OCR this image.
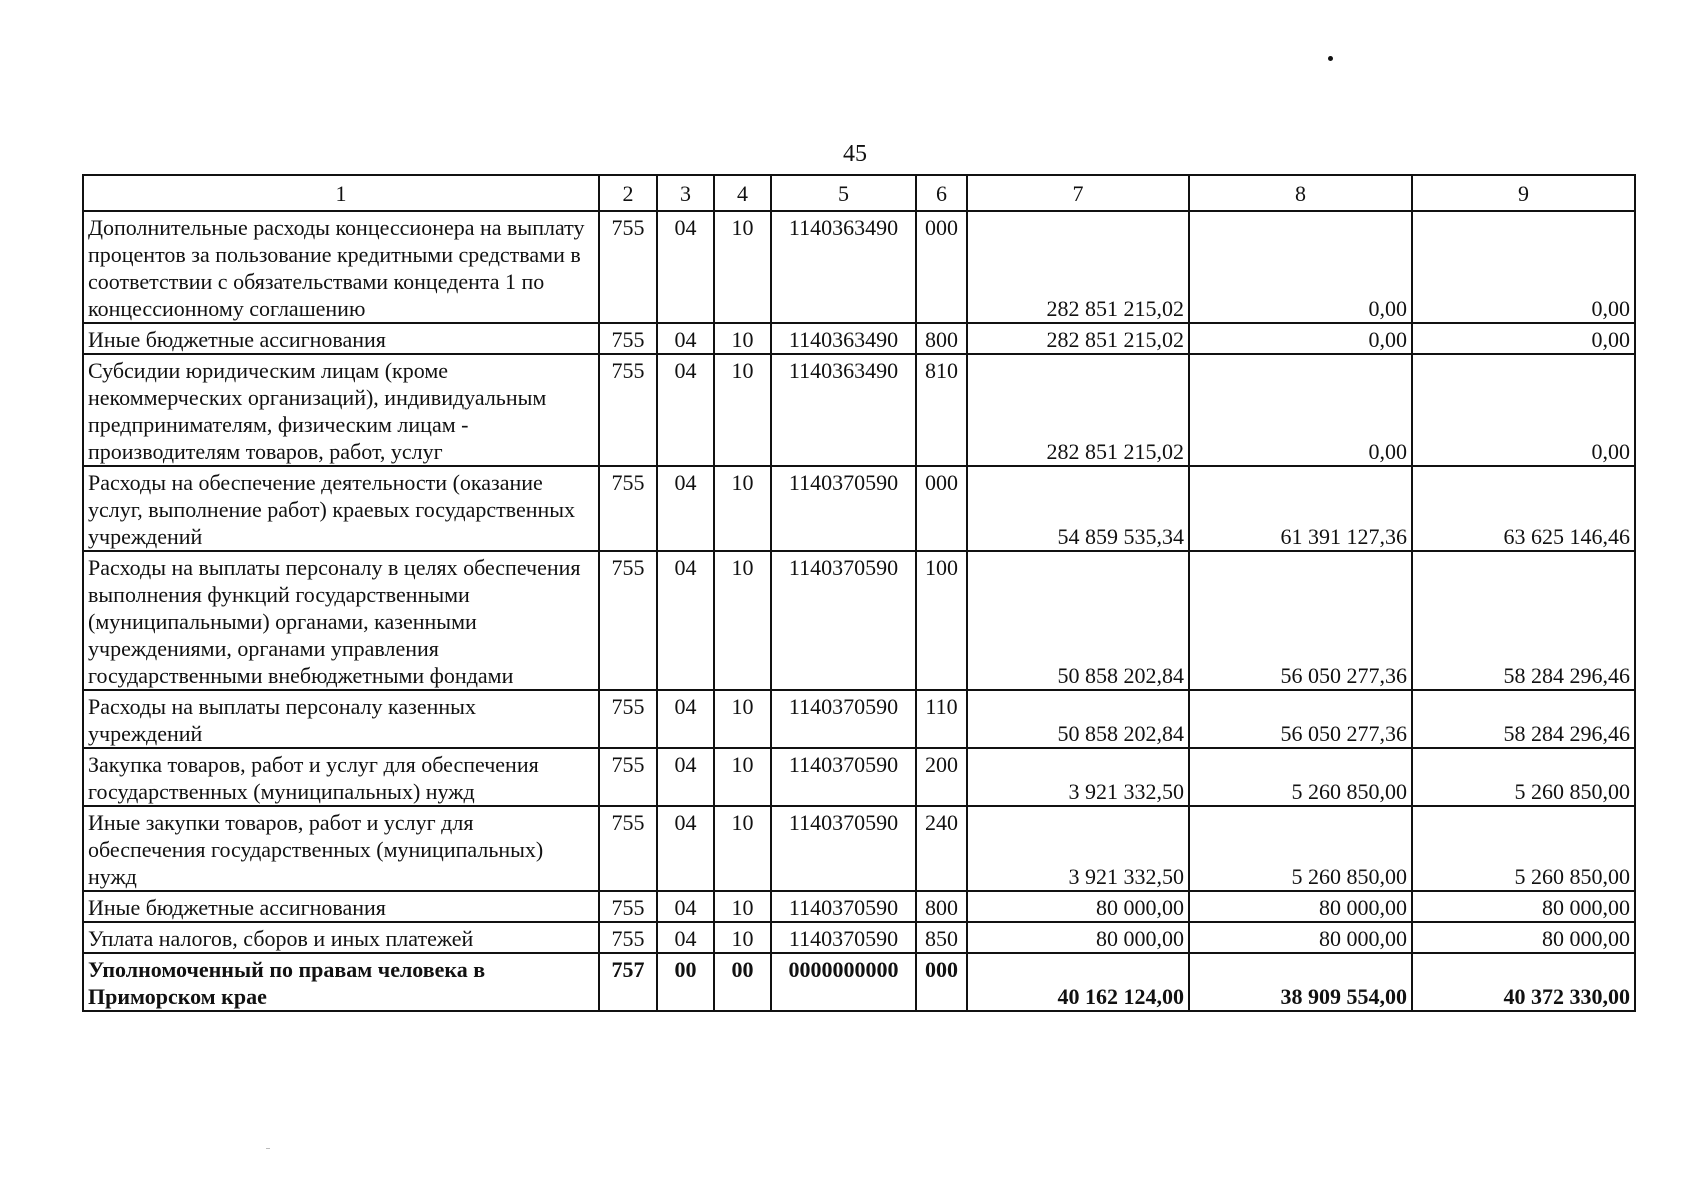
45
1	2	3	4	5	6	7	8	9
Дополнительные расходы концессионера на выплату процентов за пользование кредитными средствами в соответствии с обязательствами концедента 1 по концессионному соглашению	755	04	10	1140363490	000	282 851 215,02	0,00	0,00
Иные бюджетные ассигнования	755	04	10	1140363490	800	282 851 215,02	0,00	0,00
Субсидии юридическим лицам (кроме некоммерческих организаций), индивидуальным предпринимателям, физическим лицам - производителям товаров, работ, услуг	755	04	10	1140363490	810	282 851 215,02	0,00	0,00
Расходы на обеспечение деятельности (оказание услуг, выполнение работ) краевых государственных учреждений	755	04	10	1140370590	000	54 859 535,34	61 391 127,36	63 625 146,46
Расходы на выплаты персоналу в целях обеспечения выполнения функций государственными (муниципальными) органами, казенными учреждениями, органами управления государственными внебюджетными фондами	755	04	10	1140370590	100	50 858 202,84	56 050 277,36	58 284 296,46
Расходы на выплаты персоналу казенных учреждений	755	04	10	1140370590	110	50 858 202,84	56 050 277,36	58 284 296,46
Закупка товаров, работ и услуг для обеспечения государственных (муниципальных) нужд	755	04	10	1140370590	200	3 921 332,50	5 260 850,00	5 260 850,00
Иные закупки товаров, работ и услуг для обеспечения государственных (муниципальных) нужд	755	04	10	1140370590	240	3 921 332,50	5 260 850,00	5 260 850,00
Иные бюджетные ассигнования	755	04	10	1140370590	800	80 000,00	80 000,00	80 000,00
Уплата налогов, сборов и иных платежей	755	04	10	1140370590	850	80 000,00	80 000,00	80 000,00
Уполномоченный по правам человека в Приморском крае	757	00	00	0000000000	000	40 162 124,00	38 909 554,00	40 372 330,00
